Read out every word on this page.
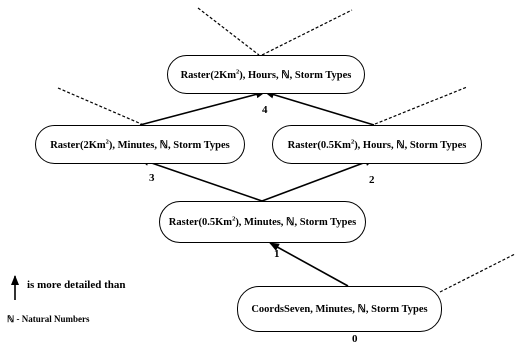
Raster(2Km$^2$), Hours, ℕ, Storm Types
Raster(2Km$^2$), Minutes, ℕ, Storm Types	Raster(0.5Km$^2$), Hours, ℕ, Storm Types
Raster(0.5Km$^2$), Minutes, ℕ, Storm Types
CoordsSeven, Minutes, ℕ, Storm Types
4
3	2
1
0
is more detailed than
ℕ - Natural Numbers
